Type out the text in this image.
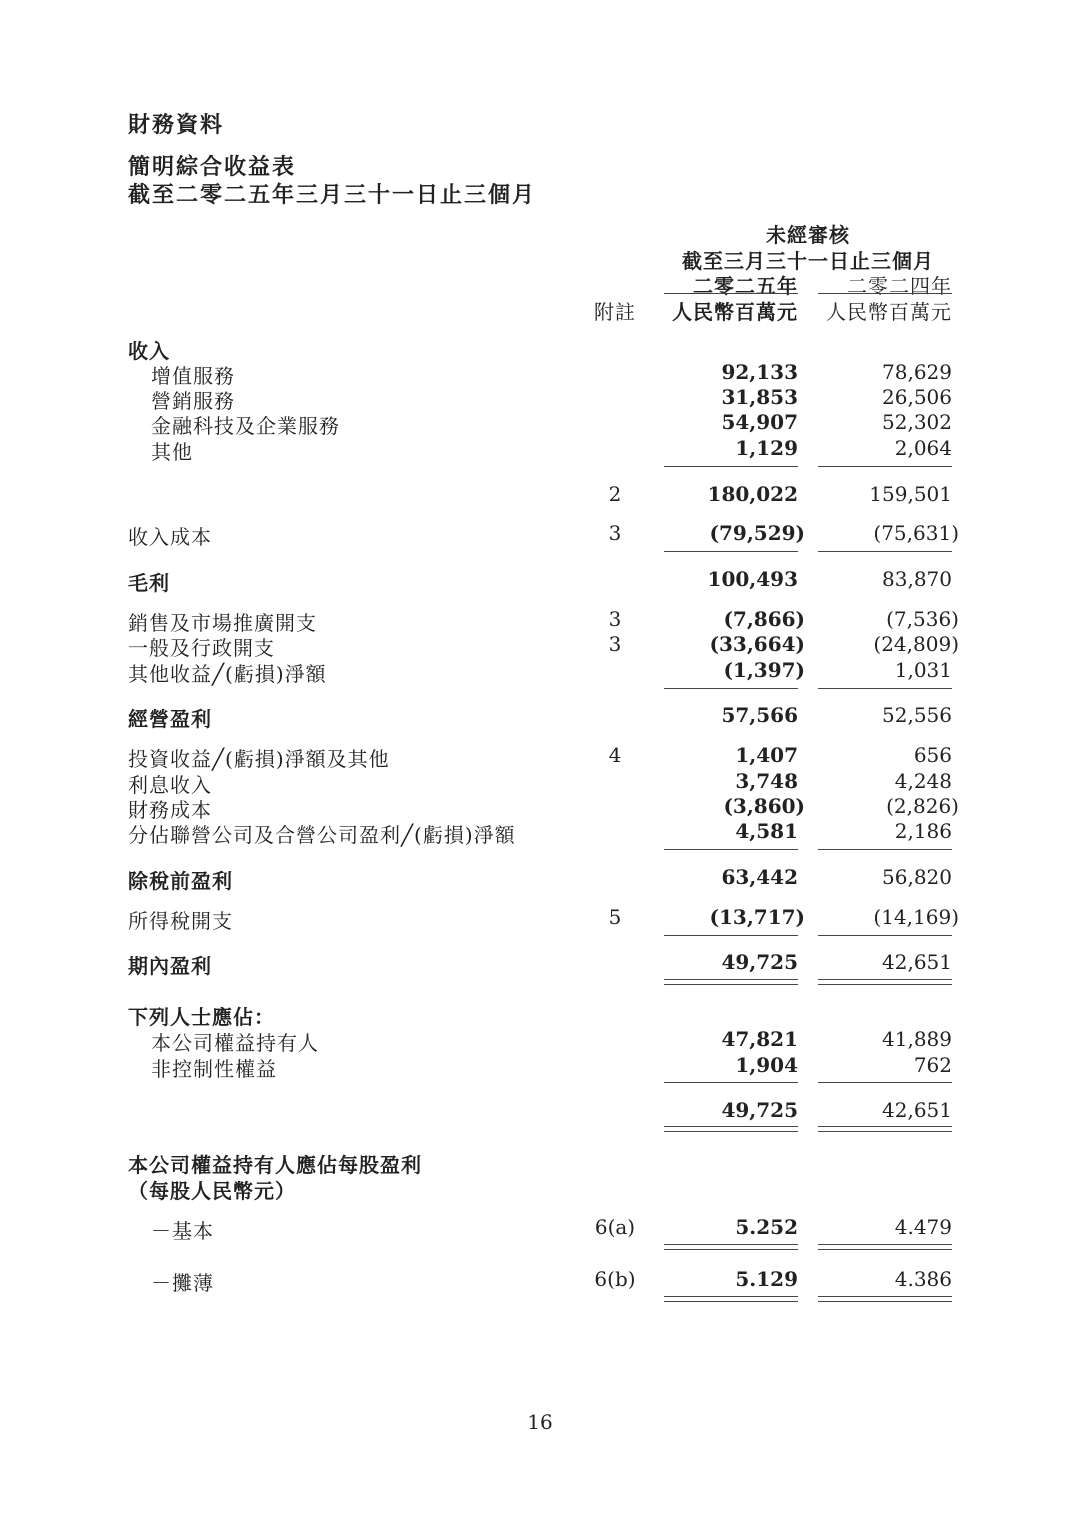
財務資料
簡明綜合收益表
截至二零二五年三月三十一日止三個月
未經審核
截至三月三十一日止三個月
二零二五年 二零二四年
附註	人民幣百萬元 人民幣百萬元
收入
增值服務	92,133	78,629
營銷服務	31,853	26,506
金融科技及企業服務	54,907	52,302
其他	1,129	2,064
2	180,022	159,501
收入成本	3	(79,529)	(75,631)
毛利	100,493	83,870
銷售及市場推廣開支	3	(7,866)	(7,536)
一般及行政開支	3	(33,664)	(24,809)
其他收益╱(虧損)淨額	(1,397)	1,031
經營盈利	57,566	52,556
投資收益╱(虧損)淨額及其他	4	1,407	656
利息收入	3,748	4,248
財務成本	(3,860)	(2,826)
分佔聯營公司及合營公司盈利╱(虧損)淨額	4,581	2,186
除稅前盈利	63,442	56,820
所得稅開支	5	(13,717)	(14,169)
期內盈利	49,725	42,651
下列人士應佔：
本公司權益持有人	47,821	41,889
非控制性權益	1,904	762
49,725	42,651
本公司權益持有人應佔每股盈利
（每股人民幣元）
－基本	6(a)	5.252	4.479
－攤薄	6(b)	5.129	4.386
16
